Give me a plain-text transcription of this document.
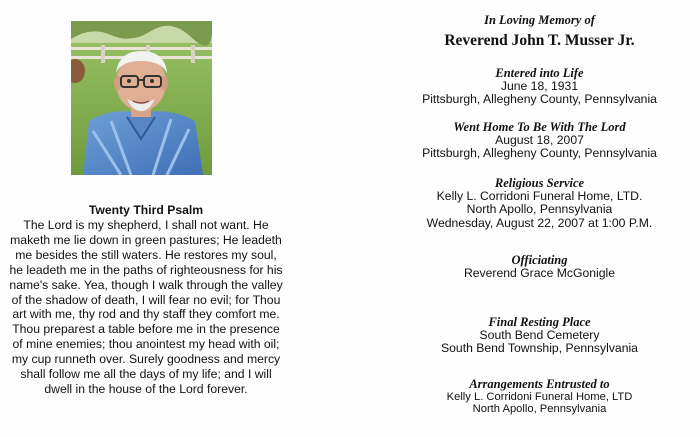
Twenty Third Psalm
The Lord is my shepherd, I shall not want. He maketh me lie down in green pastures; He leadeth me besides the still waters. He restores my soul, he leadeth me in the paths of righteousness for his name's sake. Yea, though I walk through the valley of the shadow of death, I will fear no evil; for Thou art with me, thy rod and thy staff they comfort me. Thou preparest a table before me in the presence of mine enemies; thou anointest my head with oil; my cup runneth over. Surely goodness and mercy shall follow me all the days of my life; and I will dwell in the house of the Lord forever.
In Loving Memory of
Reverend John T. Musser Jr.
Entered into Life
June 18, 1931
Pittsburgh, Allegheny County, Pennsylvania
Went Home To Be With The Lord
August 18, 2007
Pittsburgh, Allegheny County, Pennsylvania
Religious Service
Kelly L. Corridoni Funeral Home, LTD.
North Apollo, Pennsylvania
Wednesday, August 22, 2007 at 1:00 P.M.
Officiating
Reverend Grace McGonigle
Final Resting Place
South Bend Cemetery
South Bend Township, Pennsylvania
Arrangements Entrusted to
Kelly L. Corridoni Funeral Home, LTD
North Apollo, Pennsylvania
